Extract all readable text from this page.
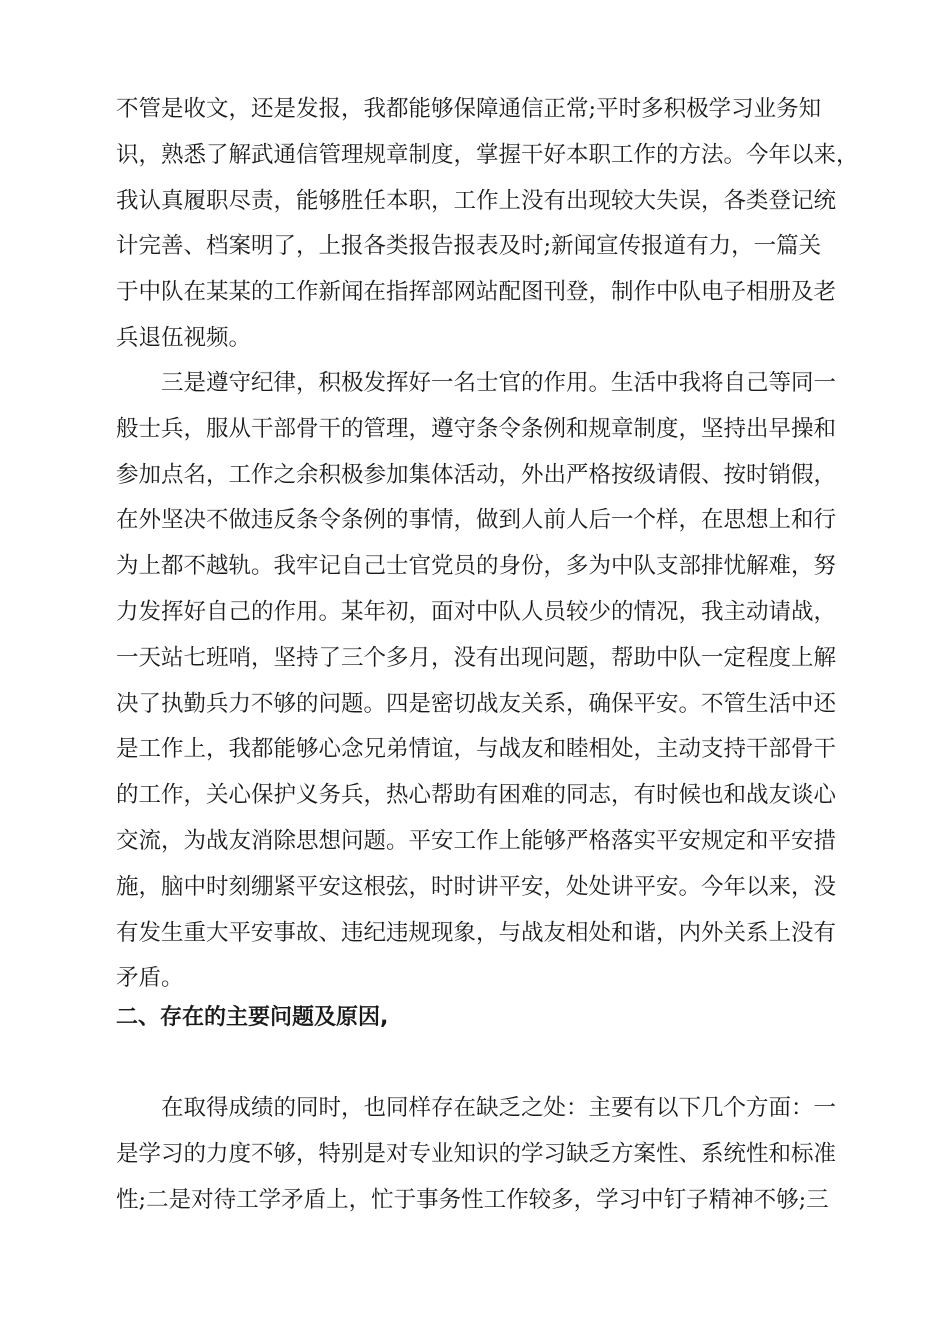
不管是收文，还是发报，我都能够保障通信正常;平时多积极学习业务知
识，熟悉了解武通信管理规章制度，掌握干好本职工作的方法。今年以来，
我认真履职尽责，能够胜任本职，工作上没有出现较大失误，各类登记统
计完善、档案明了，上报各类报告报表及时;新闻宣传报道有力，一篇关
于中队在某某的工作新闻在指挥部网站配图刊登，制作中队电子相册及老
兵退伍视频。
三是遵守纪律，积极发挥好一名士官的作用。生活中我将自己等同一
般士兵，服从干部骨干的管理，遵守条令条例和规章制度，坚持出早操和
参加点名，工作之余积极参加集体活动，外出严格按级请假、按时销假，
在外坚决不做违反条令条例的事情，做到人前人后一个样，在思想上和行
为上都不越轨。我牢记自己士官党员的身份，多为中队支部排忧解难，努
力发挥好自己的作用。某年初，面对中队人员较少的情况，我主动请战，
一天站七班哨，坚持了三个多月，没有出现问题，帮助中队一定程度上解
决了执勤兵力不够的问题。四是密切战友关系，确保平安。不管生活中还
是工作上，我都能够心念兄弟情谊，与战友和睦相处，主动支持干部骨干
的工作，关心保护义务兵，热心帮助有困难的同志，有时候也和战友谈心
交流，为战友消除思想问题。平安工作上能够严格落实平安规定和平安措
施，脑中时刻绷紧平安这根弦，时时讲平安，处处讲平安。今年以来，没
有发生重大平安事故、违纪违规现象，与战友相处和谐，内外关系上没有
矛盾。
二、存在的主要问题及原因,
在取得成绩的同时，也同样存在缺乏之处：主要有以下几个方面：一
是学习的力度不够，特别是对专业知识的学习缺乏方案性、系统性和标准
性;二是对待工学矛盾上，忙于事务性工作较多，学习中钉子精神不够;三
